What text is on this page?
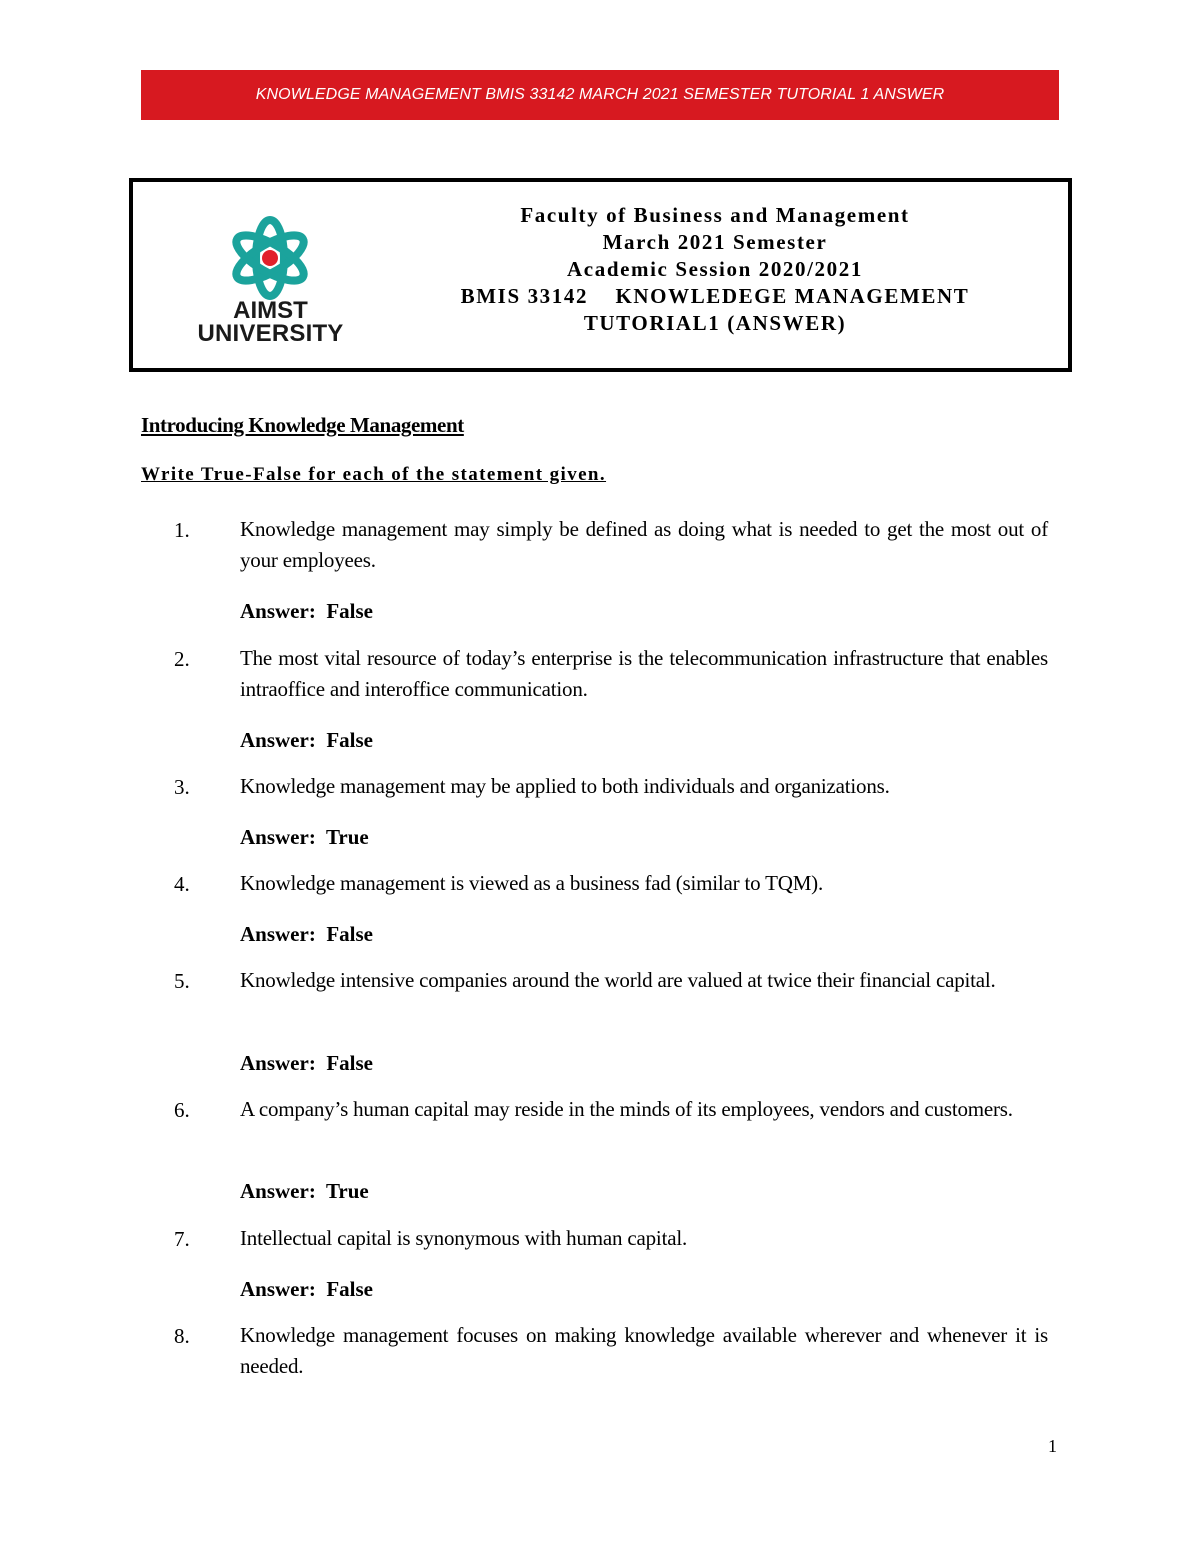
KNOWLEDGE MANAGEMENT BMIS 33142 MARCH 2021 SEMESTER TUTORIAL 1 ANSWER
AIMST
UNIVERSITY
Faculty of Business and Management
March 2021 Semester
Academic Session 2020/2021
BMIS 33142    KNOWLEDEGE MANAGEMENT
TUTORIAL1 (ANSWER)
Introducing Knowledge Management
Write True-False for each of the statement given.
1. Knowledge management may simply be defined as doing what is needed to get the most out of your employees.
Answer:  False
2. The most vital resource of today’s enterprise is the telecommunication infrastructure that enables intraoffice and interoffice communication.
Answer:  False
3. Knowledge management may be applied to both individuals and organizations.
Answer:  True
4. Knowledge management is viewed as a business fad (similar to TQM).
Answer:  False
5. Knowledge intensive companies around the world are valued at twice their financial capital.
Answer:  False
6. A company’s human capital may reside in the minds of its employees, vendors and customers.
Answer:  True
7. Intellectual capital is synonymous with human capital.
Answer:  False
8. Knowledge management focuses on making knowledge available wherever and whenever it is needed.
1
